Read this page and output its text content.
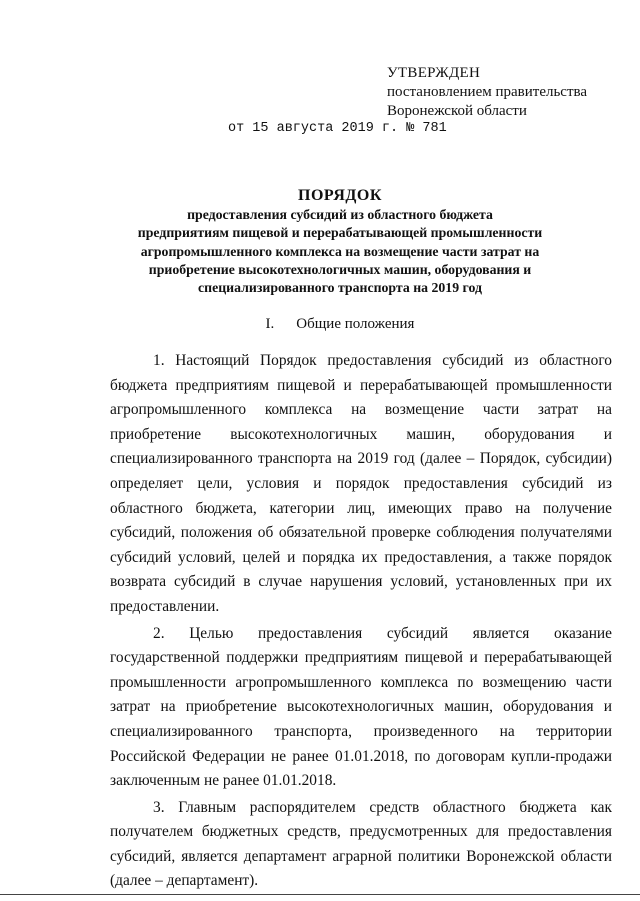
УТВЕРЖДЕН
постановлением правительства
Воронежской области
от 15 августа 2019 г. № 781
ПОРЯДОК
предоставления субсидий из областного бюджета
предприятиям пищевой и перерабатывающей промышленности
агропромышленного комплекса на возмещение части затрат на
приобретение высокотехнологичных машин, оборудования и
специализированного транспорта на 2019 год
I. Общие положения

1. Настоящий Порядок предоставления субсидий из областного бюджета предприятиям пищевой и перерабатывающей промышленности агропромышленного комплекса на возмещение части затрат на приобретение высокотехнологичных машин, оборудования и специализированного транспорта на 2019 год (далее – Порядок, субсидии) определяет цели, условия и порядок предоставления субсидий из областного бюджета, категории лиц, имеющих право на получение субсидий, положения об обязательной проверке соблюдения получателями субсидий условий, целей и порядка их предоставления, а также порядок возврата субсидий в случае нарушения условий, установленных при их предоставлении.

2. Целью предоставления субсидий является оказание государственной поддержки предприятиям пищевой и перерабатывающей промышленности агропромышленного комплекса по возмещению части затрат на приобретение высокотехнологичных машин, оборудования и специализированного транспорта, произведенного на территории Российской Федерации не ранее 01.01.2018, по договорам купли-продажи заключенным не ранее 01.01.2018.

3. Главным распорядителем средств областного бюджета как получателем бюджетных средств, предусмотренных для предоставления субсидий, является департамент аграрной политики Воронежской области (далее – департамент).
